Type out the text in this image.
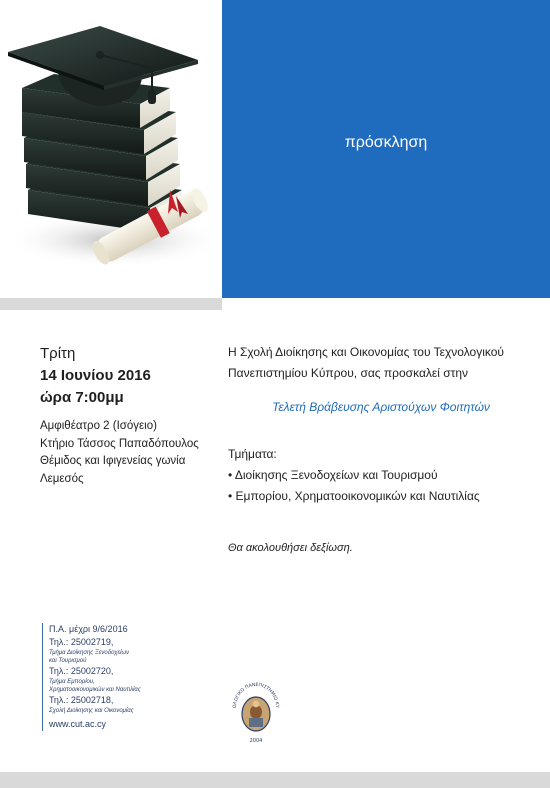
πρόσκληση
Τρίτη
14 Ιουνίου 2016
ώρα 7:00μμ
Αμφιθέατρο 2 (Ισόγειο)
Κτήριο Τάσσος Παπαδόπουλος
Θέμιδος και Ιφιγενείας γωνία
Λεμεσός
Η Σχολή Διοίκησης και Οικονομίας του Τεχνολογικού
Πανεπιστημίου Κύπρου, σας προσκαλεί στην
Τελετή Βράβευσης Αριστούχων Φοιτητών
Τμήματα:
• Διοίκησης Ξενοδοχείων και Τουρισμού
• Εμπορίου, Χρηματοοικονομικών και Ναυτιλίας
Θα ακολουθήσει δεξίωση.
Π.Α. μέχρι 9/6/2016
Τηλ.: 25002719,
Τμήμα Διοίκησης Ξενοδοχείων
και Τουρισμού
Τηλ.: 25002720,
Τμήμα Εμπορίου,
Χρηματοοικονομικών και Ναυτιλίας
Τηλ.: 25002718,
Σχολή Διοίκησης και Οικονομίας
www.cut.ac.cy
ΟΛΟΓΙΚΟ ΠΑΝΕΠΙΣΤΗΜΙΟ ΚΥ
2004
